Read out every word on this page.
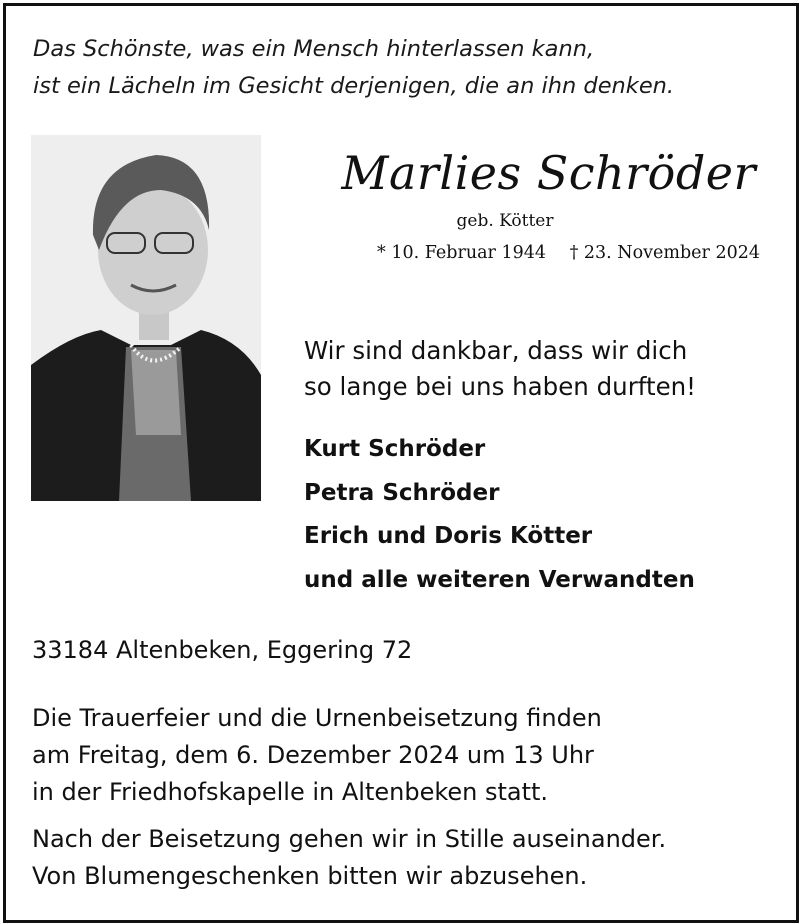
Das Schönste, was ein Mensch hinterlassen kann,
ist ein Lächeln im Gesicht derjenigen, die an ihn denken.
Marlies Schröder
geb. Kötter
* 10. Februar 1944 † 23. November 2024
Wir sind dankbar, dass wir dich
so lange bei uns haben durften!
Kurt Schröder
Petra Schröder
Erich und Doris Kötter
und alle weiteren Verwandten
33184 Altenbeken, Eggering 72
Die Trauerfeier und die Urnenbeisetzung finden
am Freitag, dem 6. Dezember 2024 um 13 Uhr
in der Friedhofskapelle in Altenbeken statt.
Nach der Beisetzung gehen wir in Stille auseinander.
Von Blumengeschenken bitten wir abzusehen.
